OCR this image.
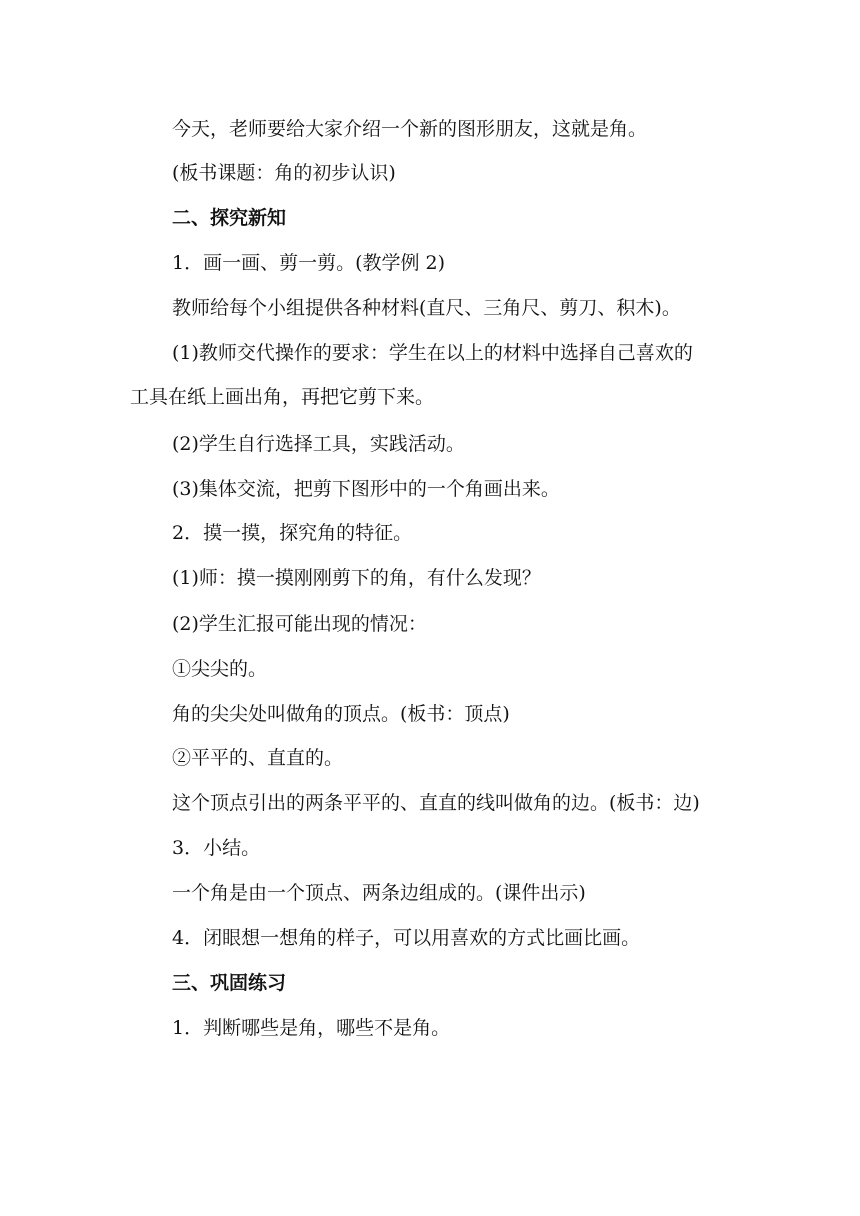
今天，老师要给大家介绍一个新的图形朋友，这就是角。
(板书课题：角的初步认识)
二、探究新知
1．画一画、剪一剪。(教学例 2)
教师给每个小组提供各种材料(直尺、三角尺、剪刀、积木)。
(1)教师交代操作的要求：学生在以上的材料中选择自己喜欢的
工具在纸上画出角，再把它剪下来。
(2)学生自行选择工具，实践活动。
(3)集体交流，把剪下图形中的一个角画出来。
2．摸一摸，探究角的特征。
(1)师：摸一摸刚刚剪下的角，有什么发现？
(2)学生汇报可能出现的情况：
①尖尖的。
角的尖尖处叫做角的顶点。(板书：顶点)
②平平的、直直的。
这个顶点引出的两条平平的、直直的线叫做角的边。(板书：边)
3．小结。
一个角是由一个顶点、两条边组成的。(课件出示)
4．闭眼想一想角的样子，可以用喜欢的方式比画比画。
三、巩固练习
1．判断哪些是角，哪些不是角。
